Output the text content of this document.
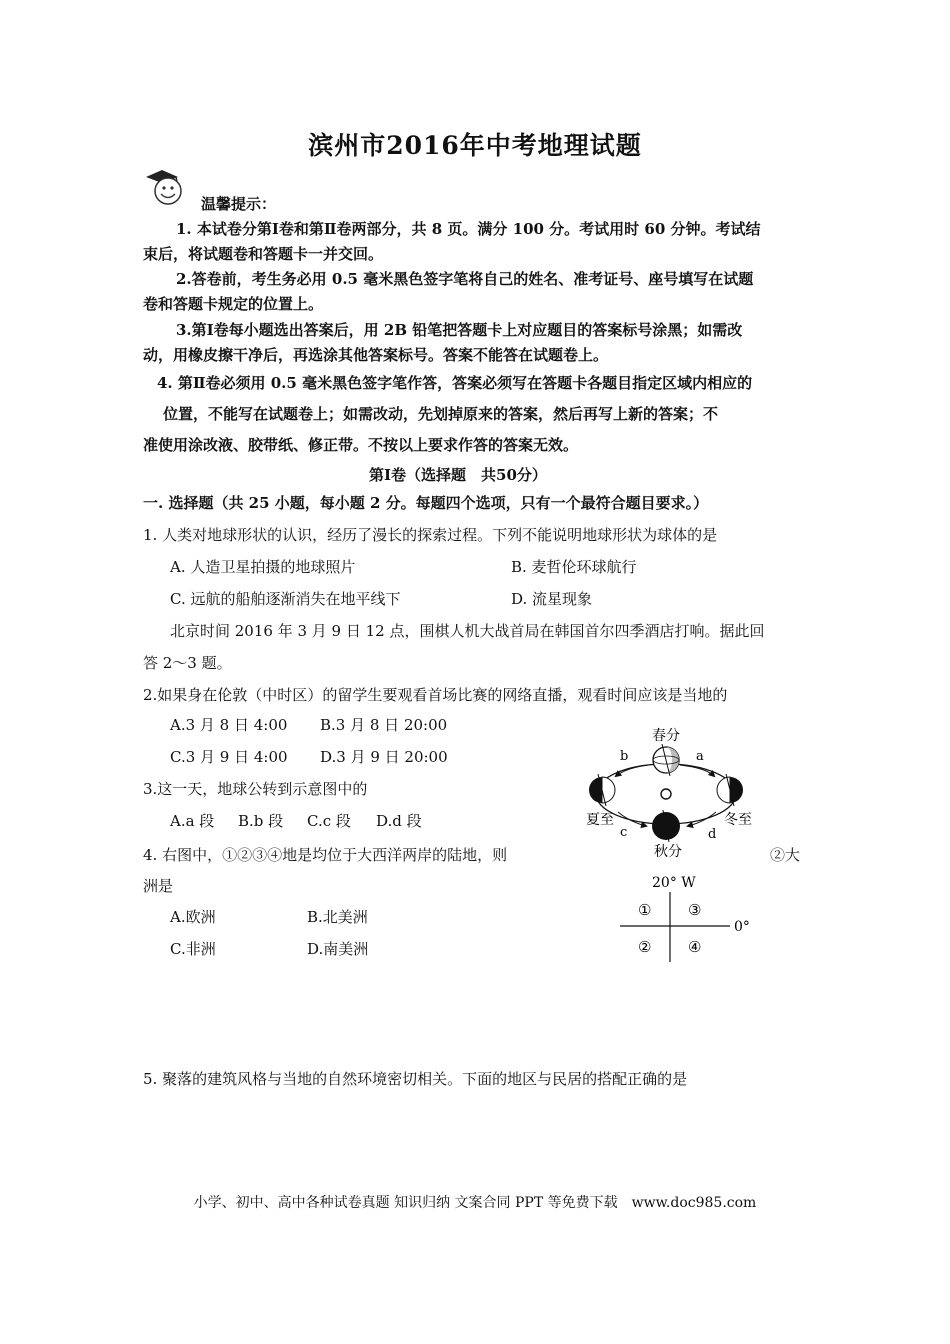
滨州市2016年中考地理试题
温馨提示：
1. 本试卷分第Ⅰ卷和第Ⅱ卷两部分，共 8 页。满分 100 分。考试用时 60 分钟。考试结
束后，将试题卷和答题卡一并交回。
2.答卷前，考生务必用 0.5 毫米黑色签字笔将自己的姓名、准考证号、座号填写在试题
卷和答题卡规定的位置上。
3.第Ⅰ卷每小题选出答案后，用 2B 铅笔把答题卡上对应题目的答案标号涂黑；如需改
动，用橡皮擦干净后，再选涂其他答案标号。答案不能答在试题卷上。
4. 第Ⅱ卷必须用 0.5 毫米黑色签字笔作答，答案必须写在答题卡各题目指定区域内相应的
位置，不能写在试题卷上；如需改动，先划掉原来的答案，然后再写上新的答案；不
准使用涂改液、胶带纸、修正带。不按以上要求作答的答案无效。
第Ⅰ卷（选择题　共50分）
一. 选择题（共 25 小题，每小题 2 分。每题四个选项，只有一个最符合题目要求。）
1. 人类对地球形状的认识，经历了漫长的探索过程。下列不能说明地球形状为球体的是
A. 人造卫星拍摄的地球照片	B. 麦哲伦环球航行
C. 远航的船舶逐渐消失在地平线下	D. 流星现象
北京时间 2016 年 3 月 9 日 12 点，围棋人机大战首局在韩国首尔四季酒店打响。据此回
答 2～3 题。
2.如果身在伦敦（中时区）的留学生要观看首场比赛的网络直播，观看时间应该是当地的
A.3 月 8 日 4:00 B.3 月 8 日 20:00
C.3 月 9 日 4:00 D.3 月 9 日 20:00
3.这一天，地球公转到示意图中的
A.a 段 B.b 段 C.c 段 D.d 段
春分
夏至	冬至
秋分
a
b
c	d
4. 右图中，①②③④地是均位于大西洋两岸的陆地，则	②大
洲是
A.欧洲	B.北美洲
C.非洲	D.南美洲
20° W
0°
① ③
② ④
5. 聚落的建筑风格与当地的自然环境密切相关。下面的地区与民居的搭配正确的是
小学、初中、高中各种试卷真题 知识归纳 文案合同 PPT 等免费下载　www.doc985.com
